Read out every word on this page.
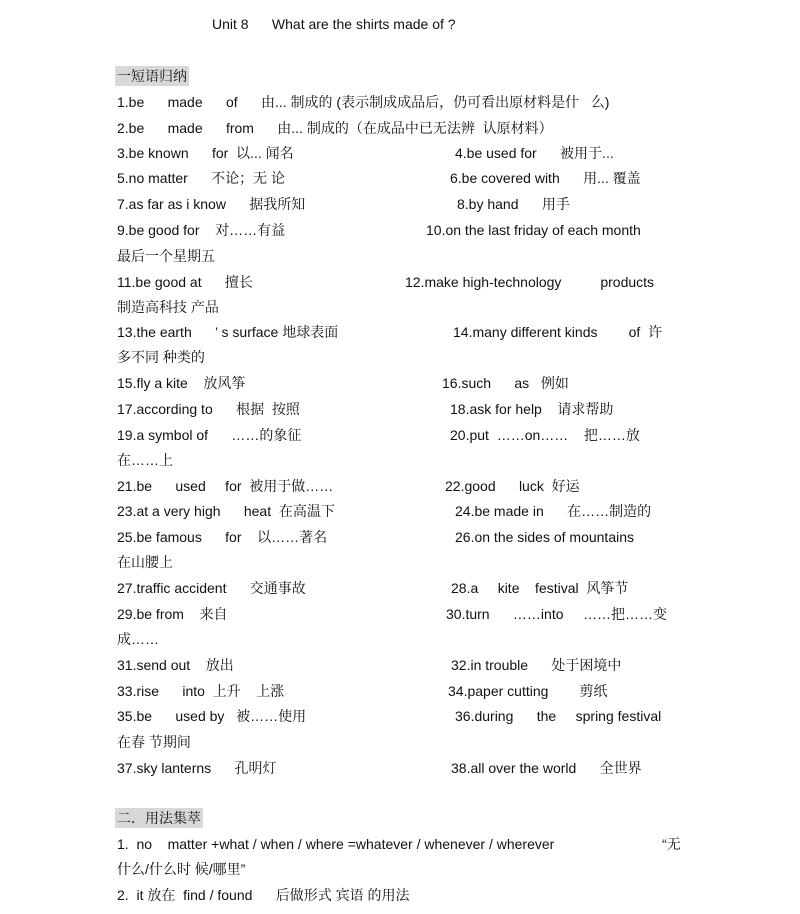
Unit 8      What are the shirts made of ?
一短语归纳
1.be      made      of      由... 制成的 (表示制成成品后，仍可看出原材料是什   么)
2.be      made      from      由... 制成的（在成品中已无法辨  认原材料）
3.be known      for  以... 闻名	4.be used for      被用于...
5.no matter      不论；无 论	6.be covered with      用... 覆盖
7.as far as i know      据我所知	8.by hand      用手
9.be good for    对……有益	10.on the last friday of each month
最后一个星期五
11.be good at      擅长	12.make high-technology          products
制造高科技 产品
13.the earth      ’ s surface 地球表面	14.many different kinds        of  许
多不同 种类的
15.fly a kite    放风筝	16.such      as   例如
17.according to      根据  按照	18.ask for help    请求帮助
19.a symbol of      ……的象征	20.put  ……on……    把……放
在……上
21.be      used     for  被用于做……	22.good      luck  好运
23.at a very high      heat  在高温下	24.be made in      在……制造的
25.be famous      for    以……著名	26.on the sides of mountains
在山腰上
27.traffic accident      交通事故	28.a     kite    festival  风筝节
29.be from    来自	30.turn      ……into     ……把……变
成……
31.send out    放出	32.in trouble      处于困境中
33.rise      into  上升    上涨	34.paper cutting        剪纸
35.be      used by   被……使用	36.during      the     spring festival
在春 节期间
37.sky lanterns      孔明灯	38.all over the world      全世界
二．用法集萃
1.  no    matter +what / when / where =whatever / whenever / wherever	“无
什么/什么时 候/哪里”
2.  it 放在  find / found      后做形式 宾语 的用法
